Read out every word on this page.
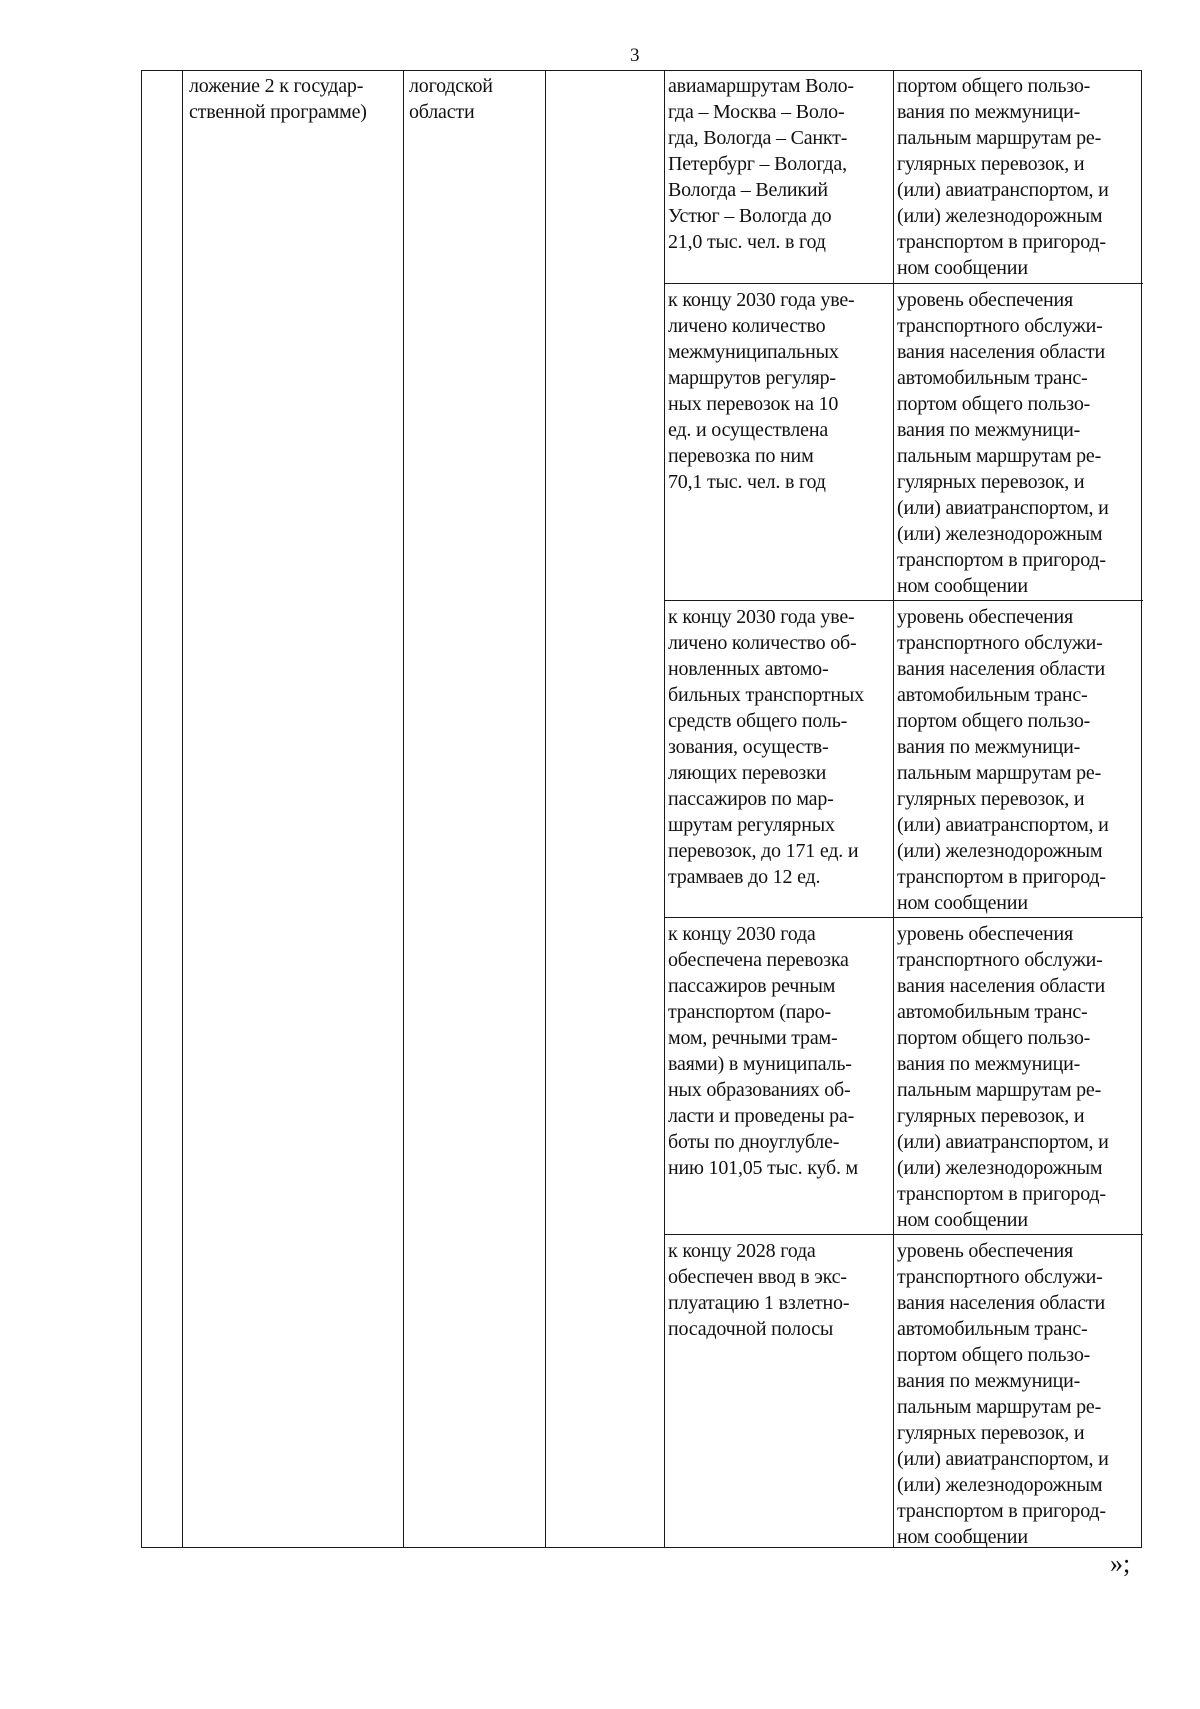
3
ложение 2 к государ-
ственной программе)
логодской
области
авиамаршрутам Воло-
гда – Москва – Воло-
гда, Вологда – Санкт-
Петербург – Вологда,
Вологда – Великий
Устюг – Вологда до
21,0 тыс. чел. в год
портом общего пользо-
вания по межмуници-
пальным маршрутам ре-
гулярных перевозок, и
(или) авиатранспортом, и
(или) железнодорожным
транспортом в пригород-
ном сообщении
к концу 2030 года уве-
личено количество
межмуниципальных
маршрутов регуляр-
ных перевозок на 10
ед. и осуществлена
перевозка по ним
70,1 тыс. чел. в год
уровень обеспечения
транспортного обслужи-
вания населения области
автомобильным транс-
портом общего пользо-
вания по межмуници-
пальным маршрутам ре-
гулярных перевозок, и
(или) авиатранспортом, и
(или) железнодорожным
транспортом в пригород-
ном сообщении
к концу 2030 года уве-
личено количество об-
новленных автомо-
бильных транспортных
средств общего поль-
зования, осуществ-
ляющих перевозки
пассажиров по мар-
шрутам регулярных
перевозок, до 171 ед. и
трамваев до 12 ед.
уровень обеспечения
транспортного обслужи-
вания населения области
автомобильным транс-
портом общего пользо-
вания по межмуници-
пальным маршрутам ре-
гулярных перевозок, и
(или) авиатранспортом, и
(или) железнодорожным
транспортом в пригород-
ном сообщении
к концу 2030 года
обеспечена перевозка
пассажиров речным
транспортом (паро-
мом, речными трам-
ваями) в муниципаль-
ных образованиях об-
ласти и проведены ра-
боты по дноуглубле-
нию 101,05 тыс. куб. м
уровень обеспечения
транспортного обслужи-
вания населения области
автомобильным транс-
портом общего пользо-
вания по межмуници-
пальным маршрутам ре-
гулярных перевозок, и
(или) авиатранспортом, и
(или) железнодорожным
транспортом в пригород-
ном сообщении
к концу 2028 года
обеспечен ввод в экс-
плуатацию 1 взлетно-
посадочной полосы
уровень обеспечения
транспортного обслужи-
вания населения области
автомобильным транс-
портом общего пользо-
вания по межмуници-
пальным маршрутам ре-
гулярных перевозок, и
(или) авиатранспортом, и
(или) железнодорожным
транспортом в пригород-
ном сообщении
»;
